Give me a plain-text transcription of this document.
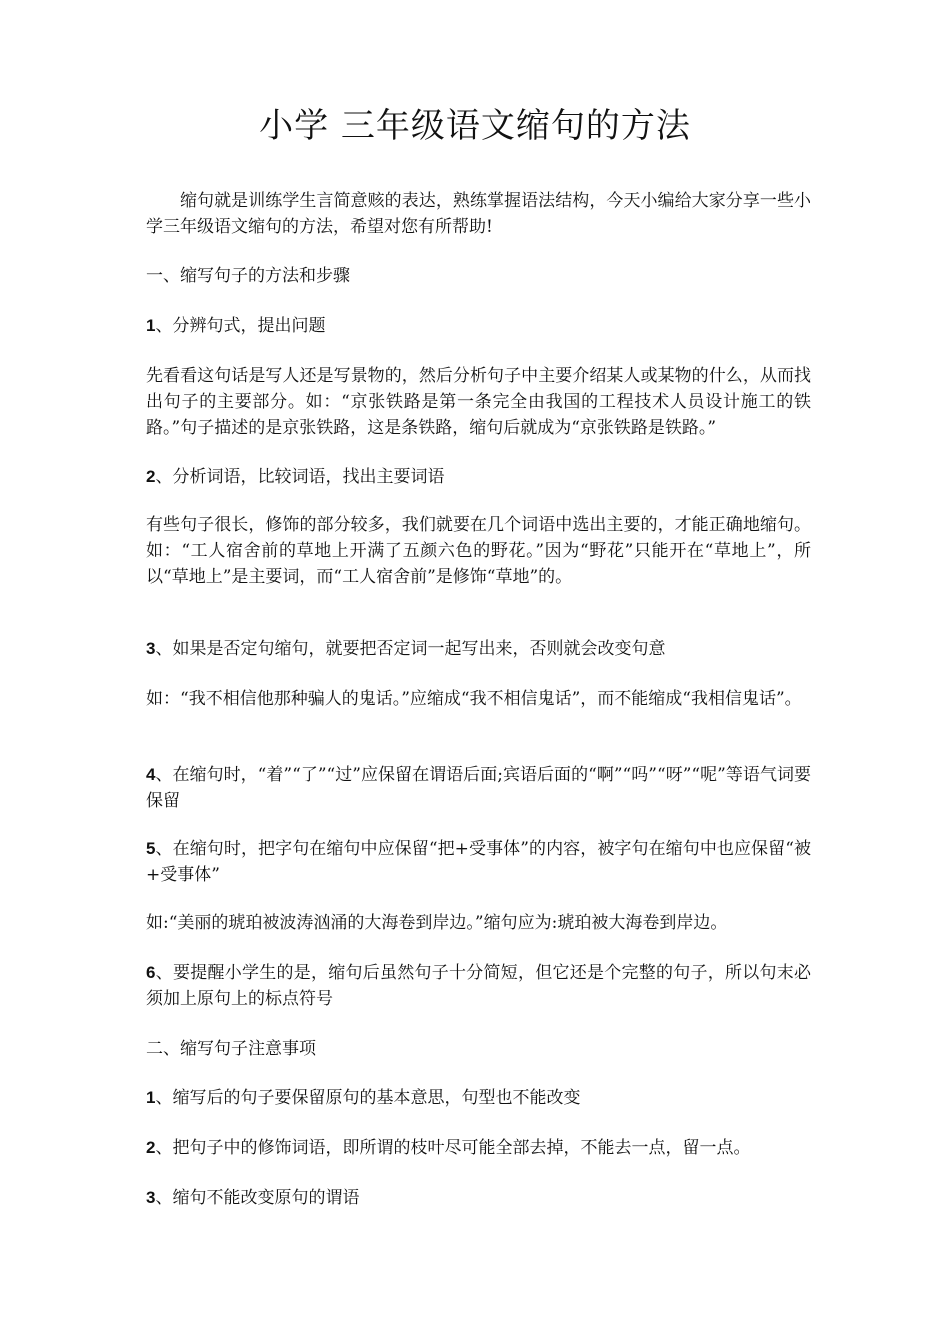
小学 三年级语文缩句的方法

缩句就是训练学生言简意赅的表达，熟练掌握语法结构，今天小编给大家分享一些小学三年级语文缩句的方法，希望对您有所帮助!

一、缩写句子的方法和步骤

1、分辨句式，提出问题

先看看这句话是写人还是写景物的，然后分析句子中主要介绍某人或某物的什么，从而找出句子的主要部分。如：“京张铁路是第一条完全由我国的工程技术人员设计施工的铁路。”句子描述的是京张铁路，这是条铁路，缩句后就成为“京张铁路是铁路。”

2、分析词语，比较词语，找出主要词语

有些句子很长，修饰的部分较多，我们就要在几个词语中选出主要的，才能正确地缩句。如：“工人宿舍前的草地上开满了五颜六色的野花。”因为“野花”只能开在“草地上”，所以“草地上”是主要词，而“工人宿舍前”是修饰“草地”的。

3、如果是否定句缩句，就要把否定词一起写出来，否则就会改变句意

如：“我不相信他那种骗人的鬼话。”应缩成“我不相信鬼话”，而不能缩成“我相信鬼话”。

4、在缩句时，“着”“了”“过”应保留在谓语后面;宾语后面的“啊”“吗”“呀”“呢”等语气词要保留

5、在缩句时，把字句在缩句中应保留“把+受事体”的内容，被字句在缩句中也应保留“被+受事体”

如:“美丽的琥珀被波涛汹涌的大海卷到岸边。”缩句应为:琥珀被大海卷到岸边。

6、要提醒小学生的是，缩句后虽然句子十分简短，但它还是个完整的句子，所以句末必须加上原句上的标点符号

二、缩写句子注意事项

1、缩写后的句子要保留原句的基本意思，句型也不能改变

2、把句子中的修饰词语，即所谓的枝叶尽可能全部去掉，不能去一点，留一点。

3、缩句不能改变原句的谓语
